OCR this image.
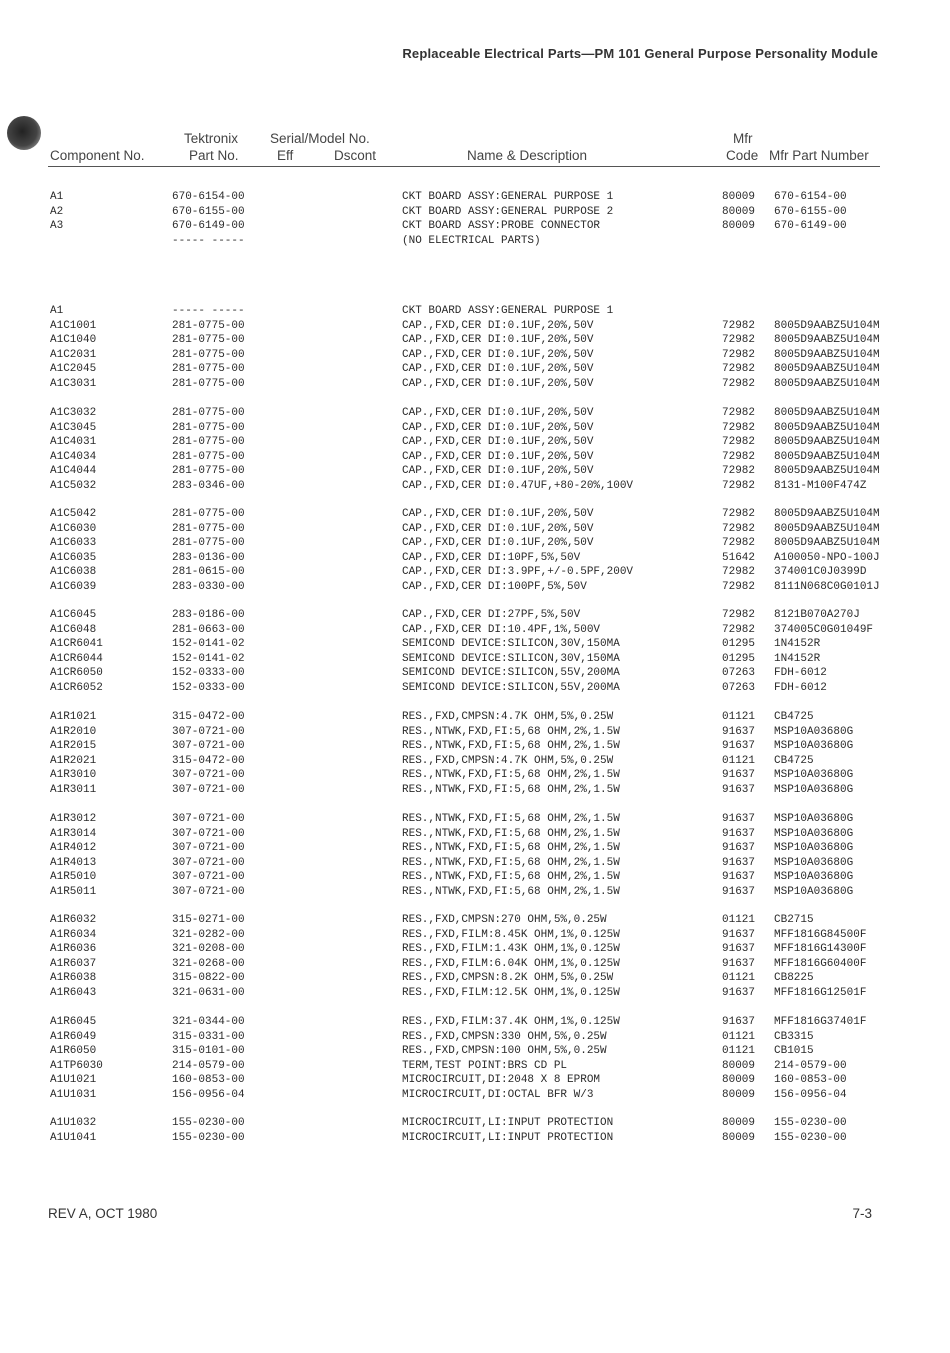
Replaceable Electrical Parts—PM 101 General Purpose Personality Module
Component No.
Tektronix
Part No.
Serial/Model No.
Eff	Dscont	Name & Description
Mfr
Code Mfr Part Number
A1	670-6154-00	CKT BOARD ASSY:GENERAL PURPOSE 1	80009 670-6154-00
A2	670-6155-00	CKT BOARD ASSY:GENERAL PURPOSE 2	80009 670-6155-00
A3	670-6149-00	CKT BOARD ASSY:PROBE CONNECTOR	80009 670-6149-00
----- -----	(NO ELECTRICAL PARTS)
A1	----- -----	CKT BOARD ASSY:GENERAL PURPOSE 1
A1C1001	281-0775-00	CAP.,FXD,CER DI:0.1UF,20%,50V	72982 8005D9AABZ5U104M
A1C1040	281-0775-00	CAP.,FXD,CER DI:0.1UF,20%,50V	72982 8005D9AABZ5U104M
A1C2031	281-0775-00	CAP.,FXD,CER DI:0.1UF,20%,50V	72982 8005D9AABZ5U104M
A1C2045	281-0775-00	CAP.,FXD,CER DI:0.1UF,20%,50V	72982 8005D9AABZ5U104M
A1C3031	281-0775-00	CAP.,FXD,CER DI:0.1UF,20%,50V	72982 8005D9AABZ5U104M
A1C3032	281-0775-00	CAP.,FXD,CER DI:0.1UF,20%,50V	72982 8005D9AABZ5U104M
A1C3045	281-0775-00	CAP.,FXD,CER DI:0.1UF,20%,50V	72982 8005D9AABZ5U104M
A1C4031	281-0775-00	CAP.,FXD,CER DI:0.1UF,20%,50V	72982 8005D9AABZ5U104M
A1C4034	281-0775-00	CAP.,FXD,CER DI:0.1UF,20%,50V	72982 8005D9AABZ5U104M
A1C4044	281-0775-00	CAP.,FXD,CER DI:0.1UF,20%,50V	72982 8005D9AABZ5U104M
A1C5032	283-0346-00	CAP.,FXD,CER DI:0.47UF,+80-20%,100V	72982 8131-M100F474Z
A1C5042	281-0775-00	CAP.,FXD,CER DI:0.1UF,20%,50V	72982 8005D9AABZ5U104M
A1C6030	281-0775-00	CAP.,FXD,CER DI:0.1UF,20%,50V	72982 8005D9AABZ5U104M
A1C6033	281-0775-00	CAP.,FXD,CER DI:0.1UF,20%,50V	72982 8005D9AABZ5U104M
A1C6035	283-0136-00	CAP.,FXD,CER DI:10PF,5%,50V	51642 A100050-NPO-100J
A1C6038	281-0615-00	CAP.,FXD,CER DI:3.9PF,+/-0.5PF,200V	72982 374001C0J0399D
A1C6039	283-0330-00	CAP.,FXD,CER DI:100PF,5%,50V	72982 8111N068C0G0101J
A1C6045	283-0186-00	CAP.,FXD,CER DI:27PF,5%,50V	72982 8121B070A270J
A1C6048	281-0663-00	CAP.,FXD,CER DI:10.4PF,1%,500V	72982 374005C0G01049F
A1CR6041	152-0141-02	SEMICOND DEVICE:SILICON,30V,150MA	01295 1N4152R
A1CR6044	152-0141-02	SEMICOND DEVICE:SILICON,30V,150MA	01295 1N4152R
A1CR6050	152-0333-00	SEMICOND DEVICE:SILICON,55V,200MA	07263 FDH-6012
A1CR6052	152-0333-00	SEMICOND DEVICE:SILICON,55V,200MA	07263 FDH-6012
A1R1021	315-0472-00	RES.,FXD,CMPSN:4.7K OHM,5%,0.25W	01121 CB4725
A1R2010	307-0721-00	RES.,NTWK,FXD,FI:5,68 OHM,2%,1.5W	91637 MSP10A03680G
A1R2015	307-0721-00	RES.,NTWK,FXD,FI:5,68 OHM,2%,1.5W	91637 MSP10A03680G
A1R2021	315-0472-00	RES.,FXD,CMPSN:4.7K OHM,5%,0.25W	01121 CB4725
A1R3010	307-0721-00	RES.,NTWK,FXD,FI:5,68 OHM,2%,1.5W	91637 MSP10A03680G
A1R3011	307-0721-00	RES.,NTWK,FXD,FI:5,68 OHM,2%,1.5W	91637 MSP10A03680G
A1R3012	307-0721-00	RES.,NTWK,FXD,FI:5,68 OHM,2%,1.5W	91637 MSP10A03680G
A1R3014	307-0721-00	RES.,NTWK,FXD,FI:5,68 OHM,2%,1.5W	91637 MSP10A03680G
A1R4012	307-0721-00	RES.,NTWK,FXD,FI:5,68 OHM,2%,1.5W	91637 MSP10A03680G
A1R4013	307-0721-00	RES.,NTWK,FXD,FI:5,68 OHM,2%,1.5W	91637 MSP10A03680G
A1R5010	307-0721-00	RES.,NTWK,FXD,FI:5,68 OHM,2%,1.5W	91637 MSP10A03680G
A1R5011	307-0721-00	RES.,NTWK,FXD,FI:5,68 OHM,2%,1.5W	91637 MSP10A03680G
A1R6032	315-0271-00	RES.,FXD,CMPSN:270 OHM,5%,0.25W	01121 CB2715
A1R6034	321-0282-00	RES.,FXD,FILM:8.45K OHM,1%,0.125W	91637 MFF1816G84500F
A1R6036	321-0208-00	RES.,FXD,FILM:1.43K OHM,1%,0.125W	91637 MFF1816G14300F
A1R6037	321-0268-00	RES.,FXD,FILM:6.04K OHM,1%,0.125W	91637 MFF1816G60400F
A1R6038	315-0822-00	RES.,FXD,CMPSN:8.2K OHM,5%,0.25W	01121 CB8225
A1R6043	321-0631-00	RES.,FXD,FILM:12.5K OHM,1%,0.125W	91637 MFF1816G12501F
A1R6045	321-0344-00	RES.,FXD,FILM:37.4K OHM,1%,0.125W	91637 MFF1816G37401F
A1R6049	315-0331-00	RES.,FXD,CMPSN:330 OHM,5%,0.25W	01121 CB3315
A1R6050	315-0101-00	RES.,FXD,CMPSN:100 OHM,5%,0.25W	01121 CB1015
A1TP6030	214-0579-00	TERM,TEST POINT:BRS CD PL	80009 214-0579-00
A1U1021	160-0853-00	MICROCIRCUIT,DI:2048 X 8 EPROM	80009 160-0853-00
A1U1031	156-0956-04	MICROCIRCUIT,DI:OCTAL BFR W/3	80009 156-0956-04
A1U1032	155-0230-00	MICROCIRCUIT,LI:INPUT PROTECTION	80009 155-0230-00
A1U1041	155-0230-00	MICROCIRCUIT,LI:INPUT PROTECTION	80009 155-0230-00
REV A, OCT 1980	7-3
